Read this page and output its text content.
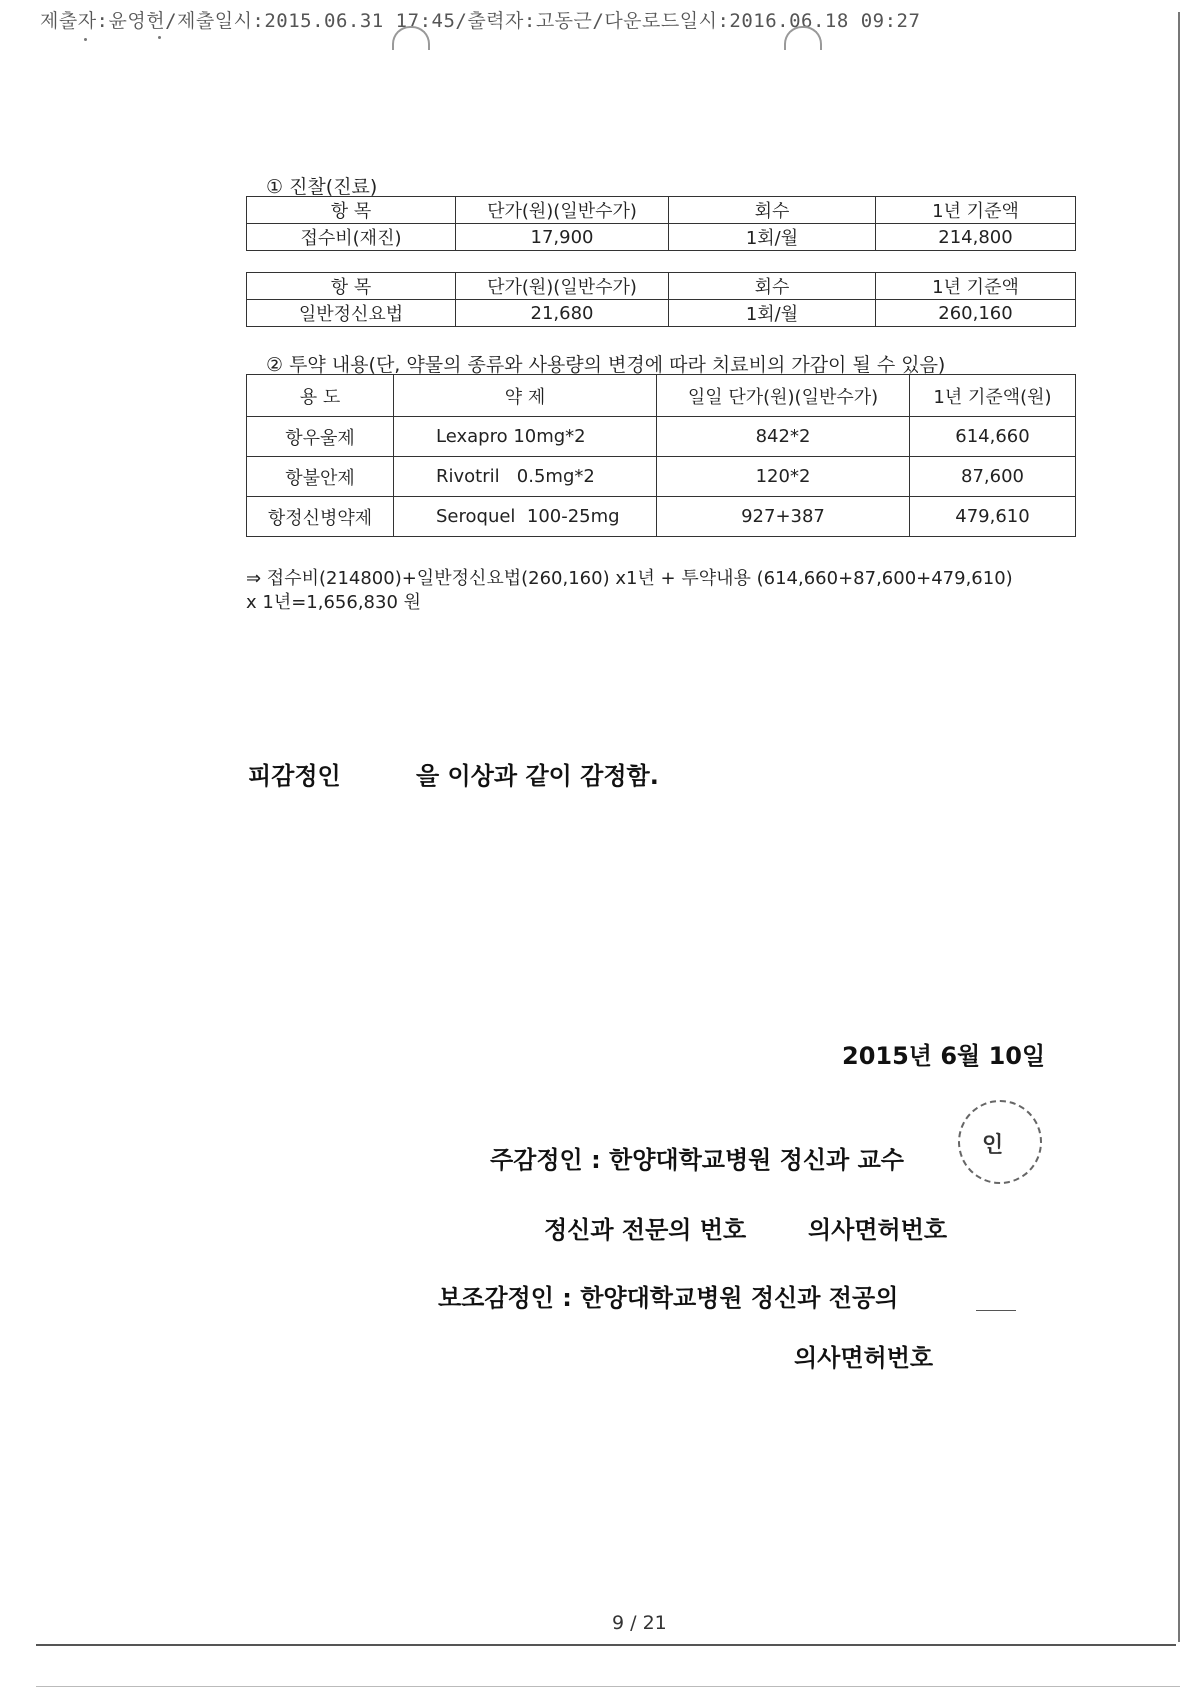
제출자:윤영헌/제출일시:2015.06.31 17:45/출력자:고동근/다운로드일시:2016.06.18 09:27
① 진찰(진료)
항 목	단가(원)(일반수가)	회수	1년 기준액
접수비(재진)	17,900	1회/월	214,800
항 목	단가(원)(일반수가)	회수	1년 기준액
일반정신요법	21,680	1회/월	260,160
② 투약 내용(단, 약물의 종류와 사용량의 변경에 따라 치료비의 가감이 될 수 있음)
용 도	약 제	일일 단가(원)(일반수가)	1년 기준액(원)
항우울제	Lexapro 10mg*2	842*2	614,660
항불안제	Rivotril   0.5mg*2	120*2	87,600
항정신병약제	Seroquel  100-25mg	927+387	479,610
⇒ 접수비(214800)+일반정신요법(260,160) x1년 + 투약내용 (614,660+87,600+479,610)
x 1년=1,656,830 원
피감정인	을 이상과 같이 감정함.
2015년 6월 10일
주감정인 : 한양대학교병원 정신과 교수
인
정신과 전문의 번호	의사면허번호
보조감정인 : 한양대학교병원 정신과 전공의
의사면허번호
9 / 21
